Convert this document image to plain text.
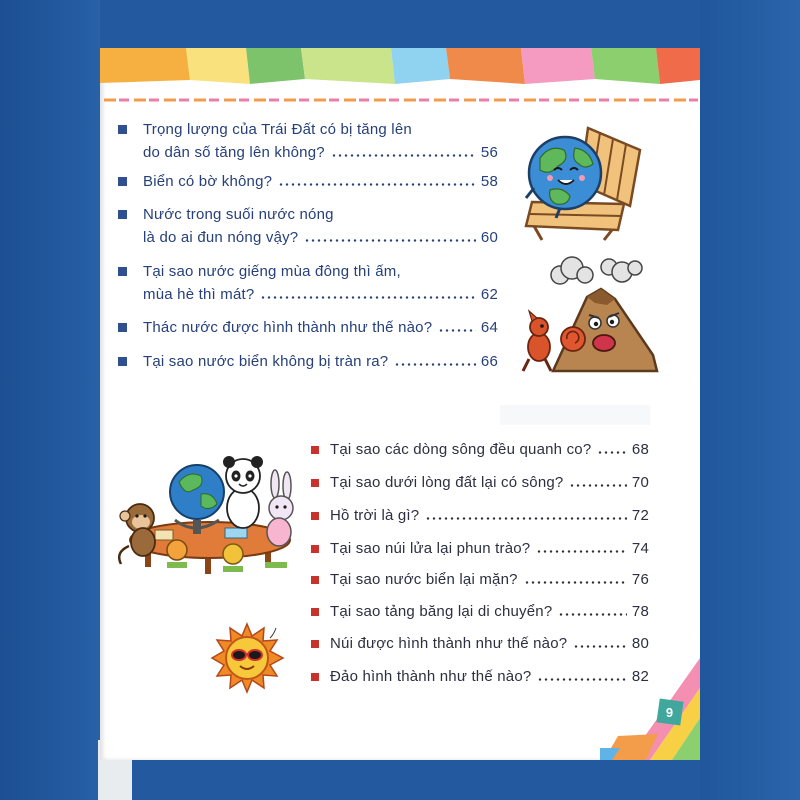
Trọng lượng của Trái Đất có bị tăng lên
do dân số tăng lên không?	56
Biển có bờ không?	58
Nước trong suối nước nóng
là do ai đun nóng vậy?	60
Tại sao nước giếng mùa đông thì ấm,
mùa hè thì mát?	62
Thác nước được hình thành như thế nào?	64
Tại sao nước biển không bị tràn ra?	66
Tại sao các dòng sông đều quanh co?	68
Tại sao dưới lòng đất lại có sông?	70
Hồ trời là gì?	72
Tại sao núi lửa lại phun trào?	74
Tại sao nước biển lại mặn?	76
Tại sao tảng băng lại di chuyển?	78
Núi được hình thành như thế nào?	80
Đảo hình thành như thế nào?	82
9
